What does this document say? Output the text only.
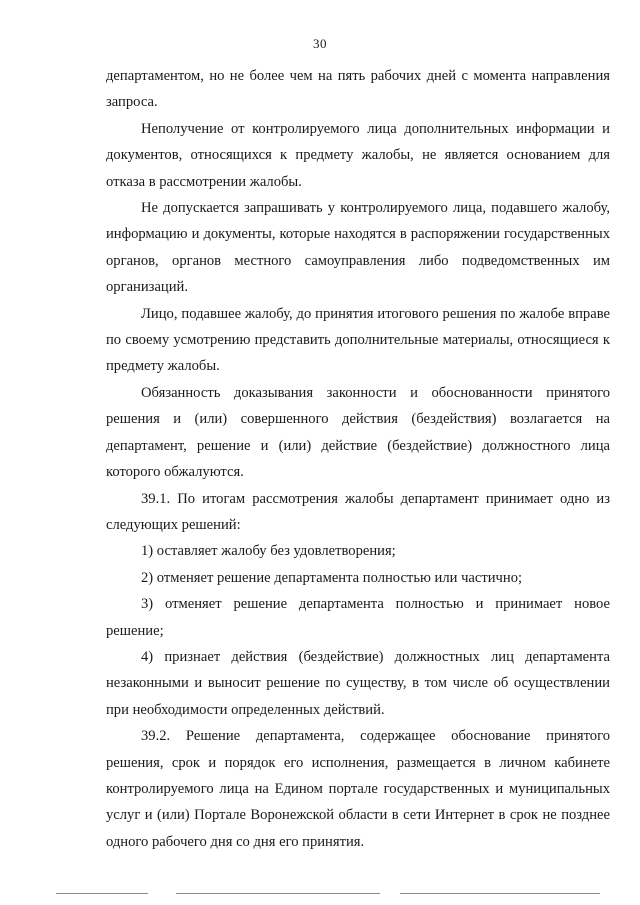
30

департаментом, но не более чем на пять рабочих дней с момента направления запроса.

Неполучение от контролируемого лица дополнительных информации и документов, относящихся к предмету жалобы, не является основанием для отказа в рассмотрении жалобы.

Не допускается запрашивать у контролируемого лица, подавшего жалобу, информацию и документы, которые находятся в распоряжении государственных органов, органов местного самоуправления либо подведомственных им организаций.

Лицо, подавшее жалобу, до принятия итогового решения по жалобе вправе по своему усмотрению представить дополнительные материалы, относящиеся к предмету жалобы.

Обязанность доказывания законности и обоснованности принятого решения и (или) совершенного действия (бездействия) возлагается на департамент, решение и (или) действие (бездействие) должностного лица которого обжалуются.

39.1. По итогам рассмотрения жалобы департамент принимает одно из следующих решений:

1) оставляет жалобу без удовлетворения;

2) отменяет решение департамента полностью или частично;

3) отменяет решение департамента полностью и принимает новое решение;

4) признает действия (бездействие) должностных лиц департамента незаконными и выносит решение по существу, в том числе об осуществлении при необходимости определенных действий.

39.2. Решение департамента, содержащее обоснование принятого решения, срок и порядок его исполнения, размещается в личном кабинете контролируемого лица на Едином портале государственных и муниципальных услуг и (или) Портале Воронежской области в сети Интернет в срок не позднее одного рабочего дня со дня его принятия.
